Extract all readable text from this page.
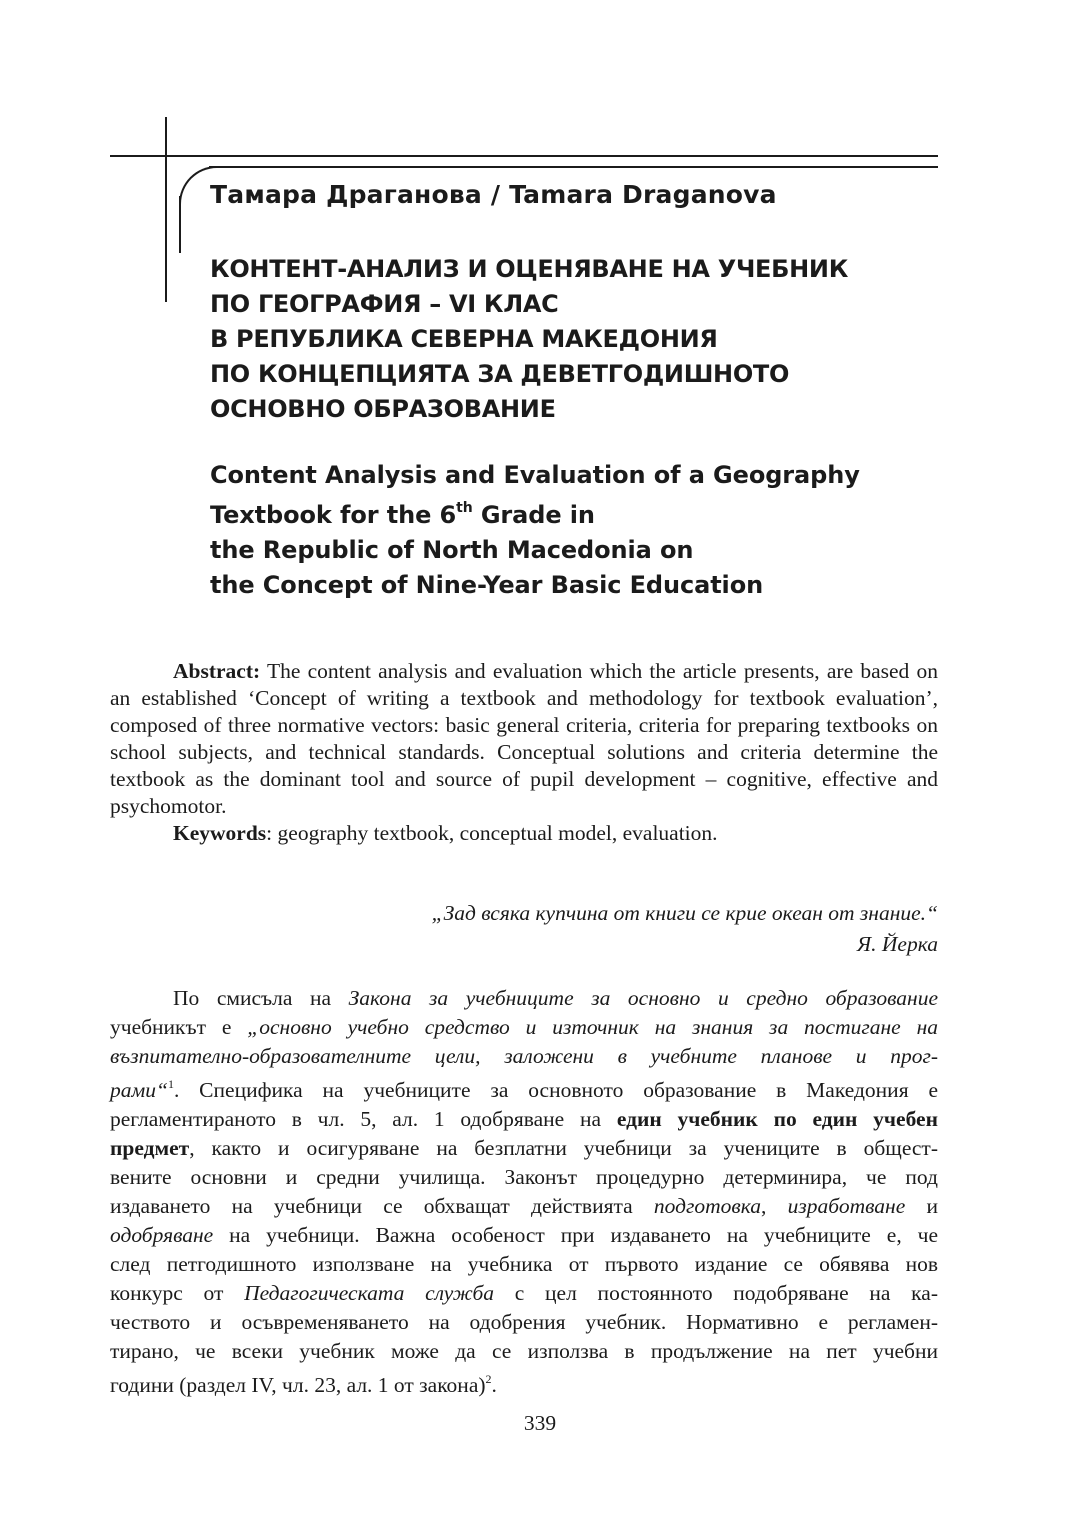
Тамара Драганова / Tamara Draganova
КОНТЕНТ-АНАЛИЗ И ОЦЕНЯВАНЕ НА УЧЕБНИК
ПО ГЕОГРАФИЯ – VI КЛАС
В РЕПУБЛИКА СЕВЕРНА МАКЕДОНИЯ
ПО КОНЦЕПЦИЯТА ЗА ДЕВЕТГОДИШНОТО
ОСНОВНО ОБРАЗОВАНИЕ
Content Analysis and Evaluation of a Geography
Textbook for the 6th Grade in
the Republic of North Macedonia on
the Concept of Nine-Year Basic Education

Abstract: The content analysis and evaluation which the article presents, are based on an established ‘Concept of writing a textbook and methodology for textbook evaluation’, composed of three normative vectors: basic general criteria, criteria for preparing textbooks on school subjects, and technical standards. Conceptual solutions and criteria determine the textbook as the dominant tool and source of pupil development – cognitive, effective and psychomotor.

Keywords: geography textbook, conceptual model, evaluation.

„Зад всяка купчина от книги се крие океан от знание.“
Я. Йерка
По смисъла на Закона за учебниците за основно и средно образование
учебникът е „основно учебно средство и източник на знания за постигане на
възпитателно-образователните цели, заложени в учебните планове и прог-
рами“$^1$. Специфика на учебниците за основното образование в Македония е
регламентираното в чл. 5, ал. 1 одобряване на един учебник по един учебен
предмет, както и осигуряване на безплатни учебници за учениците в общест-
вените основни и средни училища. Законът процедурно детерминира, че под
издаването на учебници се обхващат действията подготовка, изработване и
одобряване на учебници. Важна особеност при издаването на учебниците е, че
след петгодишното използване на учебника от първото издание се обявява нов
конкурс от Педагогическата служба с цел постоянното подобряване на ка-
чеството и осъвременяването на одобрения учебник. Нормативно е регламен-
тирано, че всеки учебник може да се използва в продължение на пет учебни
години (раздел IV, чл. 23, ал. 1 от закона)$^2$.
339
